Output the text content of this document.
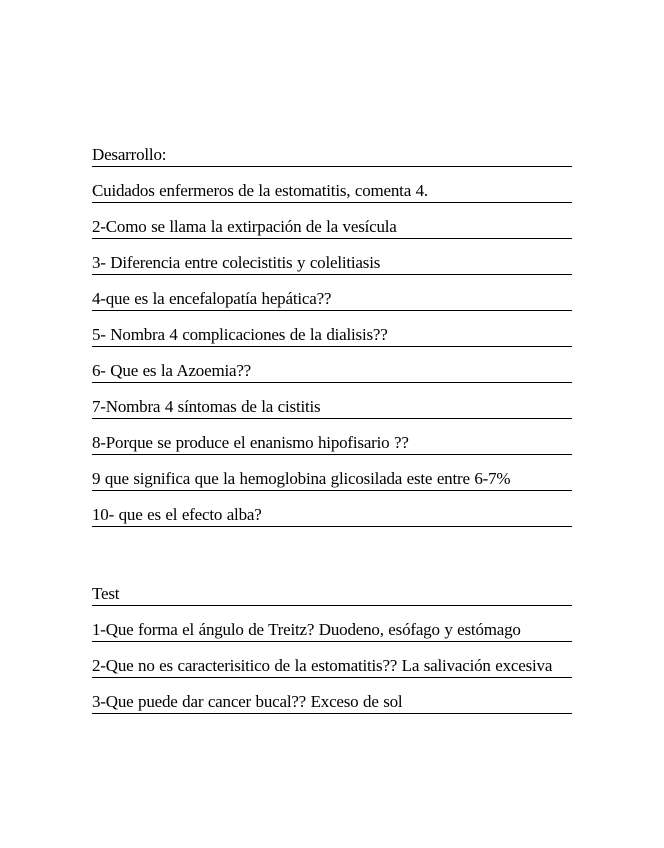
Desarrollo:
Cuidados enfermeros de la estomatitis, comenta 4.
2-Como se llama la extirpación de la vesícula
3- Diferencia entre colecistitis y colelitiasis
4-que es la encefalopatía hepática??
5- Nombra 4 complicaciones de la dialisis??
6- Que es la Azoemia??
7-Nombra 4 síntomas de la cistitis
8-Porque se produce el enanismo hipofisario ??
9 que significa que la hemoglobina glicosilada este entre 6-7%
10- que es el efecto alba?
Test
1-Que forma el ángulo de Treitz? Duodeno, esófago y estómago
2-Que no es caracterisitico de la estomatitis?? La salivación excesiva
3-Que puede dar cancer bucal?? Exceso de sol
